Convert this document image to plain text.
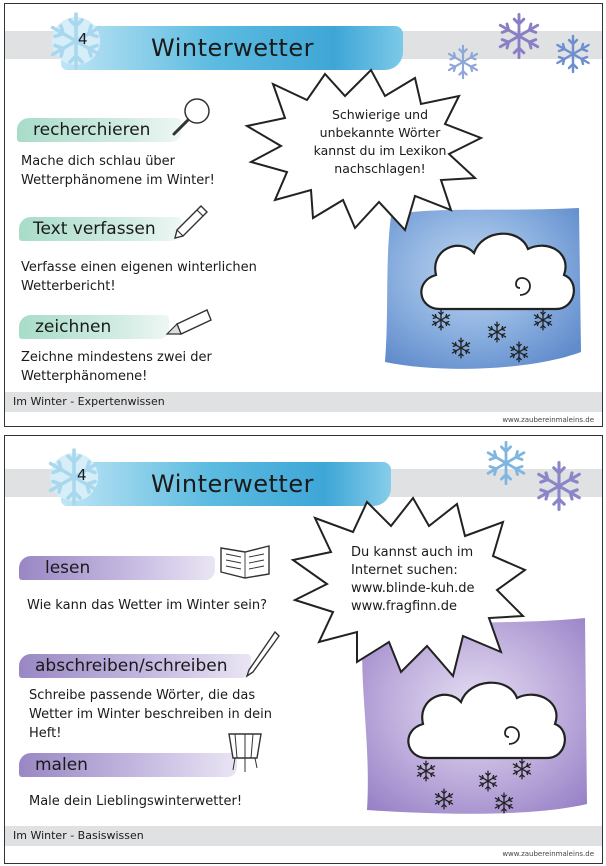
4	Winterwetter
recherchieren
Mache dich schlau über
Wetterphänomene im Winter!
Text verfassen
Verfasse einen eigenen winterlichen
Wetterbericht!
zeichnen
Zeichne mindestens zwei der
Wetterphänomene!
Schwierige und
unbekannte Wörter
kannst du im Lexikon
nachschlagen!
Im Winter - Expertenwissen
www.zaubereinmaleins.de
4	Winterwetter
lesen
Wie kann das Wetter im Winter sein?
abschreiben/schreiben
Schreibe passende Wörter, die das
Wetter im Winter beschreiben in dein
Heft!
malen
Male dein Lieblingswinterwetter!
Du kannst auch im
Internet suchen:
www.blinde-kuh.de
www.fragfinn.de
Im Winter - Basiswissen
www.zaubereinmaleins.de
